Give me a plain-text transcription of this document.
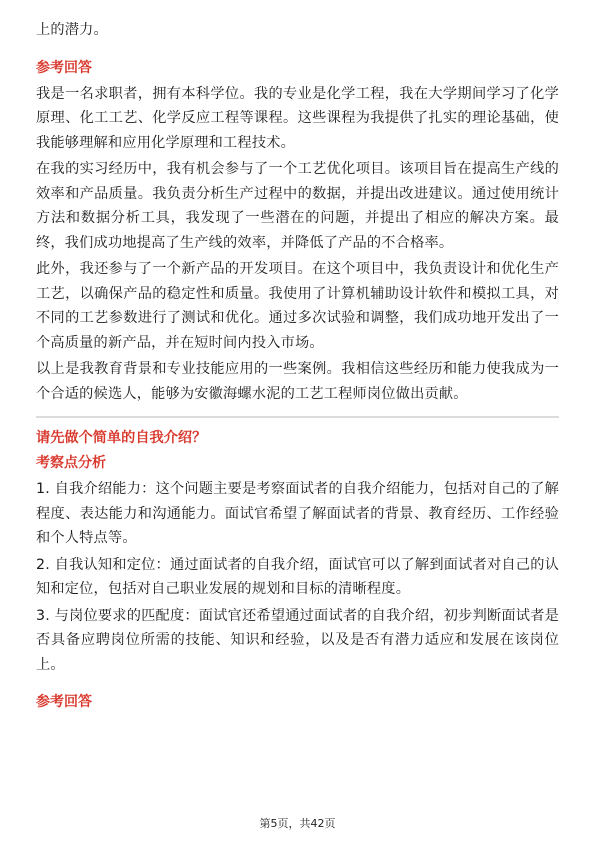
上的潜力。

参考回答

我是一名求职者，拥有本科学位。我的专业是化学工程，我在大学期间学习了化学原理、化工工艺、化学反应工程等课程。这些课程为我提供了扎实的理论基础，使我能够理解和应用化学原理和工程技术。

在我的实习经历中，我有机会参与了一个工艺优化项目。该项目旨在提高生产线的效率和产品质量。我负责分析生产过程中的数据，并提出改进建议。通过使用统计方法和数据分析工具，我发现了一些潜在的问题，并提出了相应的解决方案。最终，我们成功地提高了生产线的效率，并降低了产品的不合格率。

此外，我还参与了一个新产品的开发项目。在这个项目中，我负责设计和优化生产工艺，以确保产品的稳定性和质量。我使用了计算机辅助设计软件和模拟工具，对不同的工艺参数进行了测试和优化。通过多次试验和调整，我们成功地开发出了一个高质量的新产品，并在短时间内投入市场。

以上是我教育背景和专业技能应用的一些案例。我相信这些经历和能力使我成为一个合适的候选人，能够为安徽海螺水泥的工艺工程师岗位做出贡献。

请先做个简单的自我介绍？
考察点分析

1. 自我介绍能力：这个问题主要是考察面试者的自我介绍能力，包括对自己的了解程度、表达能力和沟通能力。面试官希望了解面试者的背景、教育经历、工作经验和个人特点等。

2. 自我认知和定位：通过面试者的自我介绍，面试官可以了解到面试者对自己的认知和定位，包括对自己职业发展的规划和目标的清晰程度。

3. 与岗位要求的匹配度：面试官还希望通过面试者的自我介绍，初步判断面试者是否具备应聘岗位所需的技能、知识和经验，以及是否有潜力适应和发展在该岗位上。

参考回答
第5页，共42页
